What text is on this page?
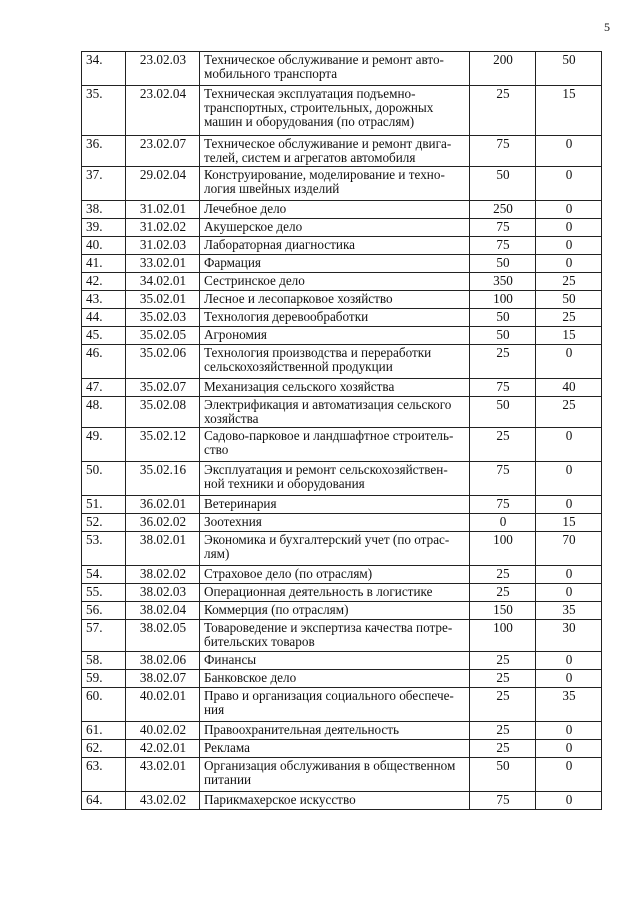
5
34.	23.02.03	Техническое обслуживание и ремонт авто-мобильного транспорта	200	50
35.	23.02.04	Техническая эксплуатация подъемно-транспортных, строительных, дорожных машин и оборудования (по отраслям)	25	15
36.	23.02.07	Техническое обслуживание и ремонт двига-телей, систем и агрегатов автомобиля	75	0
37.	29.02.04	Конструирование, моделирование и техно-логия швейных изделий	50	0
38.	31.02.01	Лечебное дело	250	0
39.	31.02.02	Акушерское дело	75	0
40.	31.02.03	Лабораторная диагностика	75	0
41.	33.02.01	Фармация	50	0
42.	34.02.01	Сестринское дело	350	25
43.	35.02.01	Лесное и лесопарковое хозяйство	100	50
44.	35.02.03	Технология деревообработки	50	25
45.	35.02.05	Агрономия	50	15
46.	35.02.06	Технология производства и переработки сельскохозяйственной продукции	25	0
47.	35.02.07	Механизация сельского хозяйства	75	40
48.	35.02.08	Электрификация и автоматизация сельского хозяйства	50	25
49.	35.02.12	Садово-парковое и ландшафтное строитель-ство	25	0
50.	35.02.16	Эксплуатация и ремонт сельскохозяйствен-ной техники и оборудования	75	0
51.	36.02.01	Ветеринария	75	0
52.	36.02.02	Зоотехния	0	15
53.	38.02.01	Экономика и бухгалтерский учет (по отрас-лям)	100	70
54.	38.02.02	Страховое дело (по отраслям)	25	0
55.	38.02.03	Операционная деятельность в логистике	25	0
56.	38.02.04	Коммерция (по отраслям)	150	35
57.	38.02.05	Товароведение и экспертиза качества потре-бительских товаров	100	30
58.	38.02.06	Финансы	25	0
59.	38.02.07	Банковское дело	25	0
60.	40.02.01	Право и организация социального обеспече-ния	25	35
61.	40.02.02	Правоохранительная деятельность	25	0
62.	42.02.01	Реклама	25	0
63.	43.02.01	Организация обслуживания в общественном питании	50	0
64.	43.02.02	Парикмахерское искусство	75	0
